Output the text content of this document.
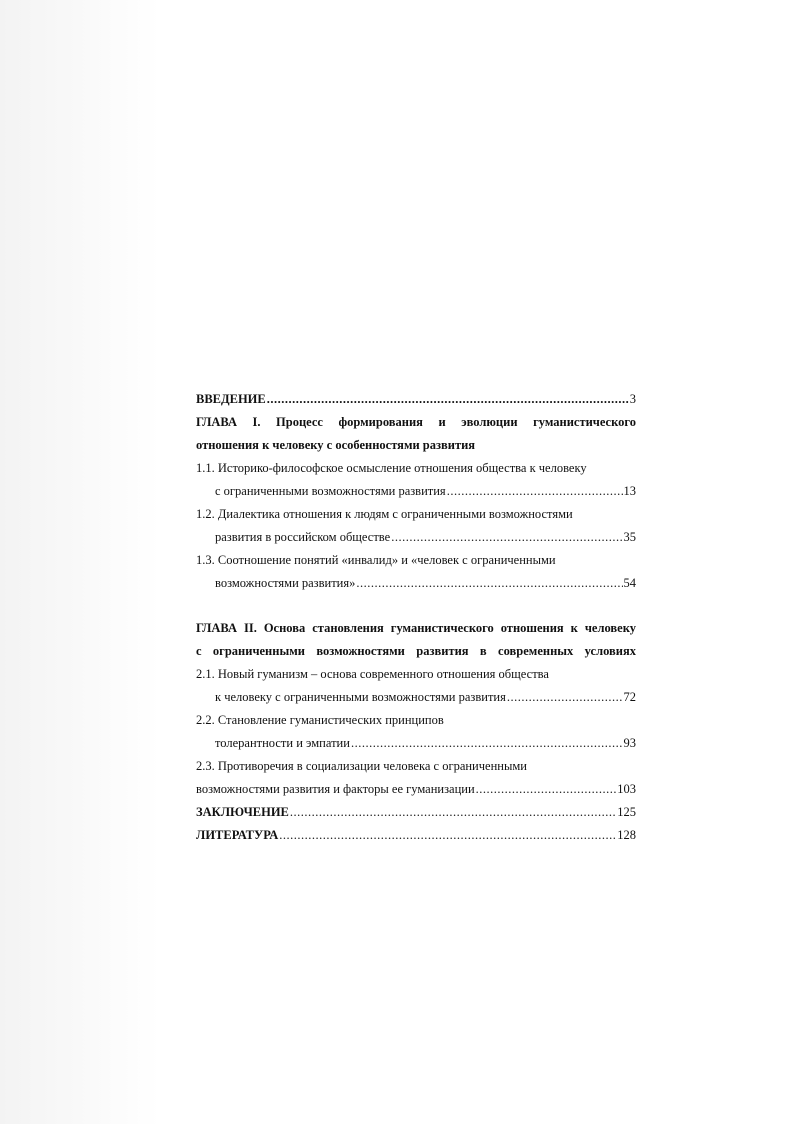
ВВЕДЕНИЕ .....	3
ГЛАВА I. Процесс формирования и эволюции гуманистического
отношения к человеку с особенностями развития
1.1. Историко-философское осмысление отношения общества к человеку
с ограниченными возможностями развития .....	13
1.2. Диалектика отношения к людям с ограниченными возможностями
развития в российском обществе .....	35
1.3. Соотношение понятий «инвалид» и «человек с ограниченными
возможностями развития» .....	54
ГЛАВА II. Основа становления гуманистического отношения к человеку
с ограниченными возможностями развития в современных условиях
2.1. Новый гуманизм – основа современного отношения общества
к человеку с ограниченными возможностями развития .....	72
2.2. Становление гуманистических принципов
толерантности и эмпатии .....	93
2.3. Противоречия в социализации человека с ограниченными
возможностями развития и факторы ее гуманизации .....	103
ЗАКЛЮЧЕНИЕ .....	125
ЛИТЕРАТУРА .....	128
